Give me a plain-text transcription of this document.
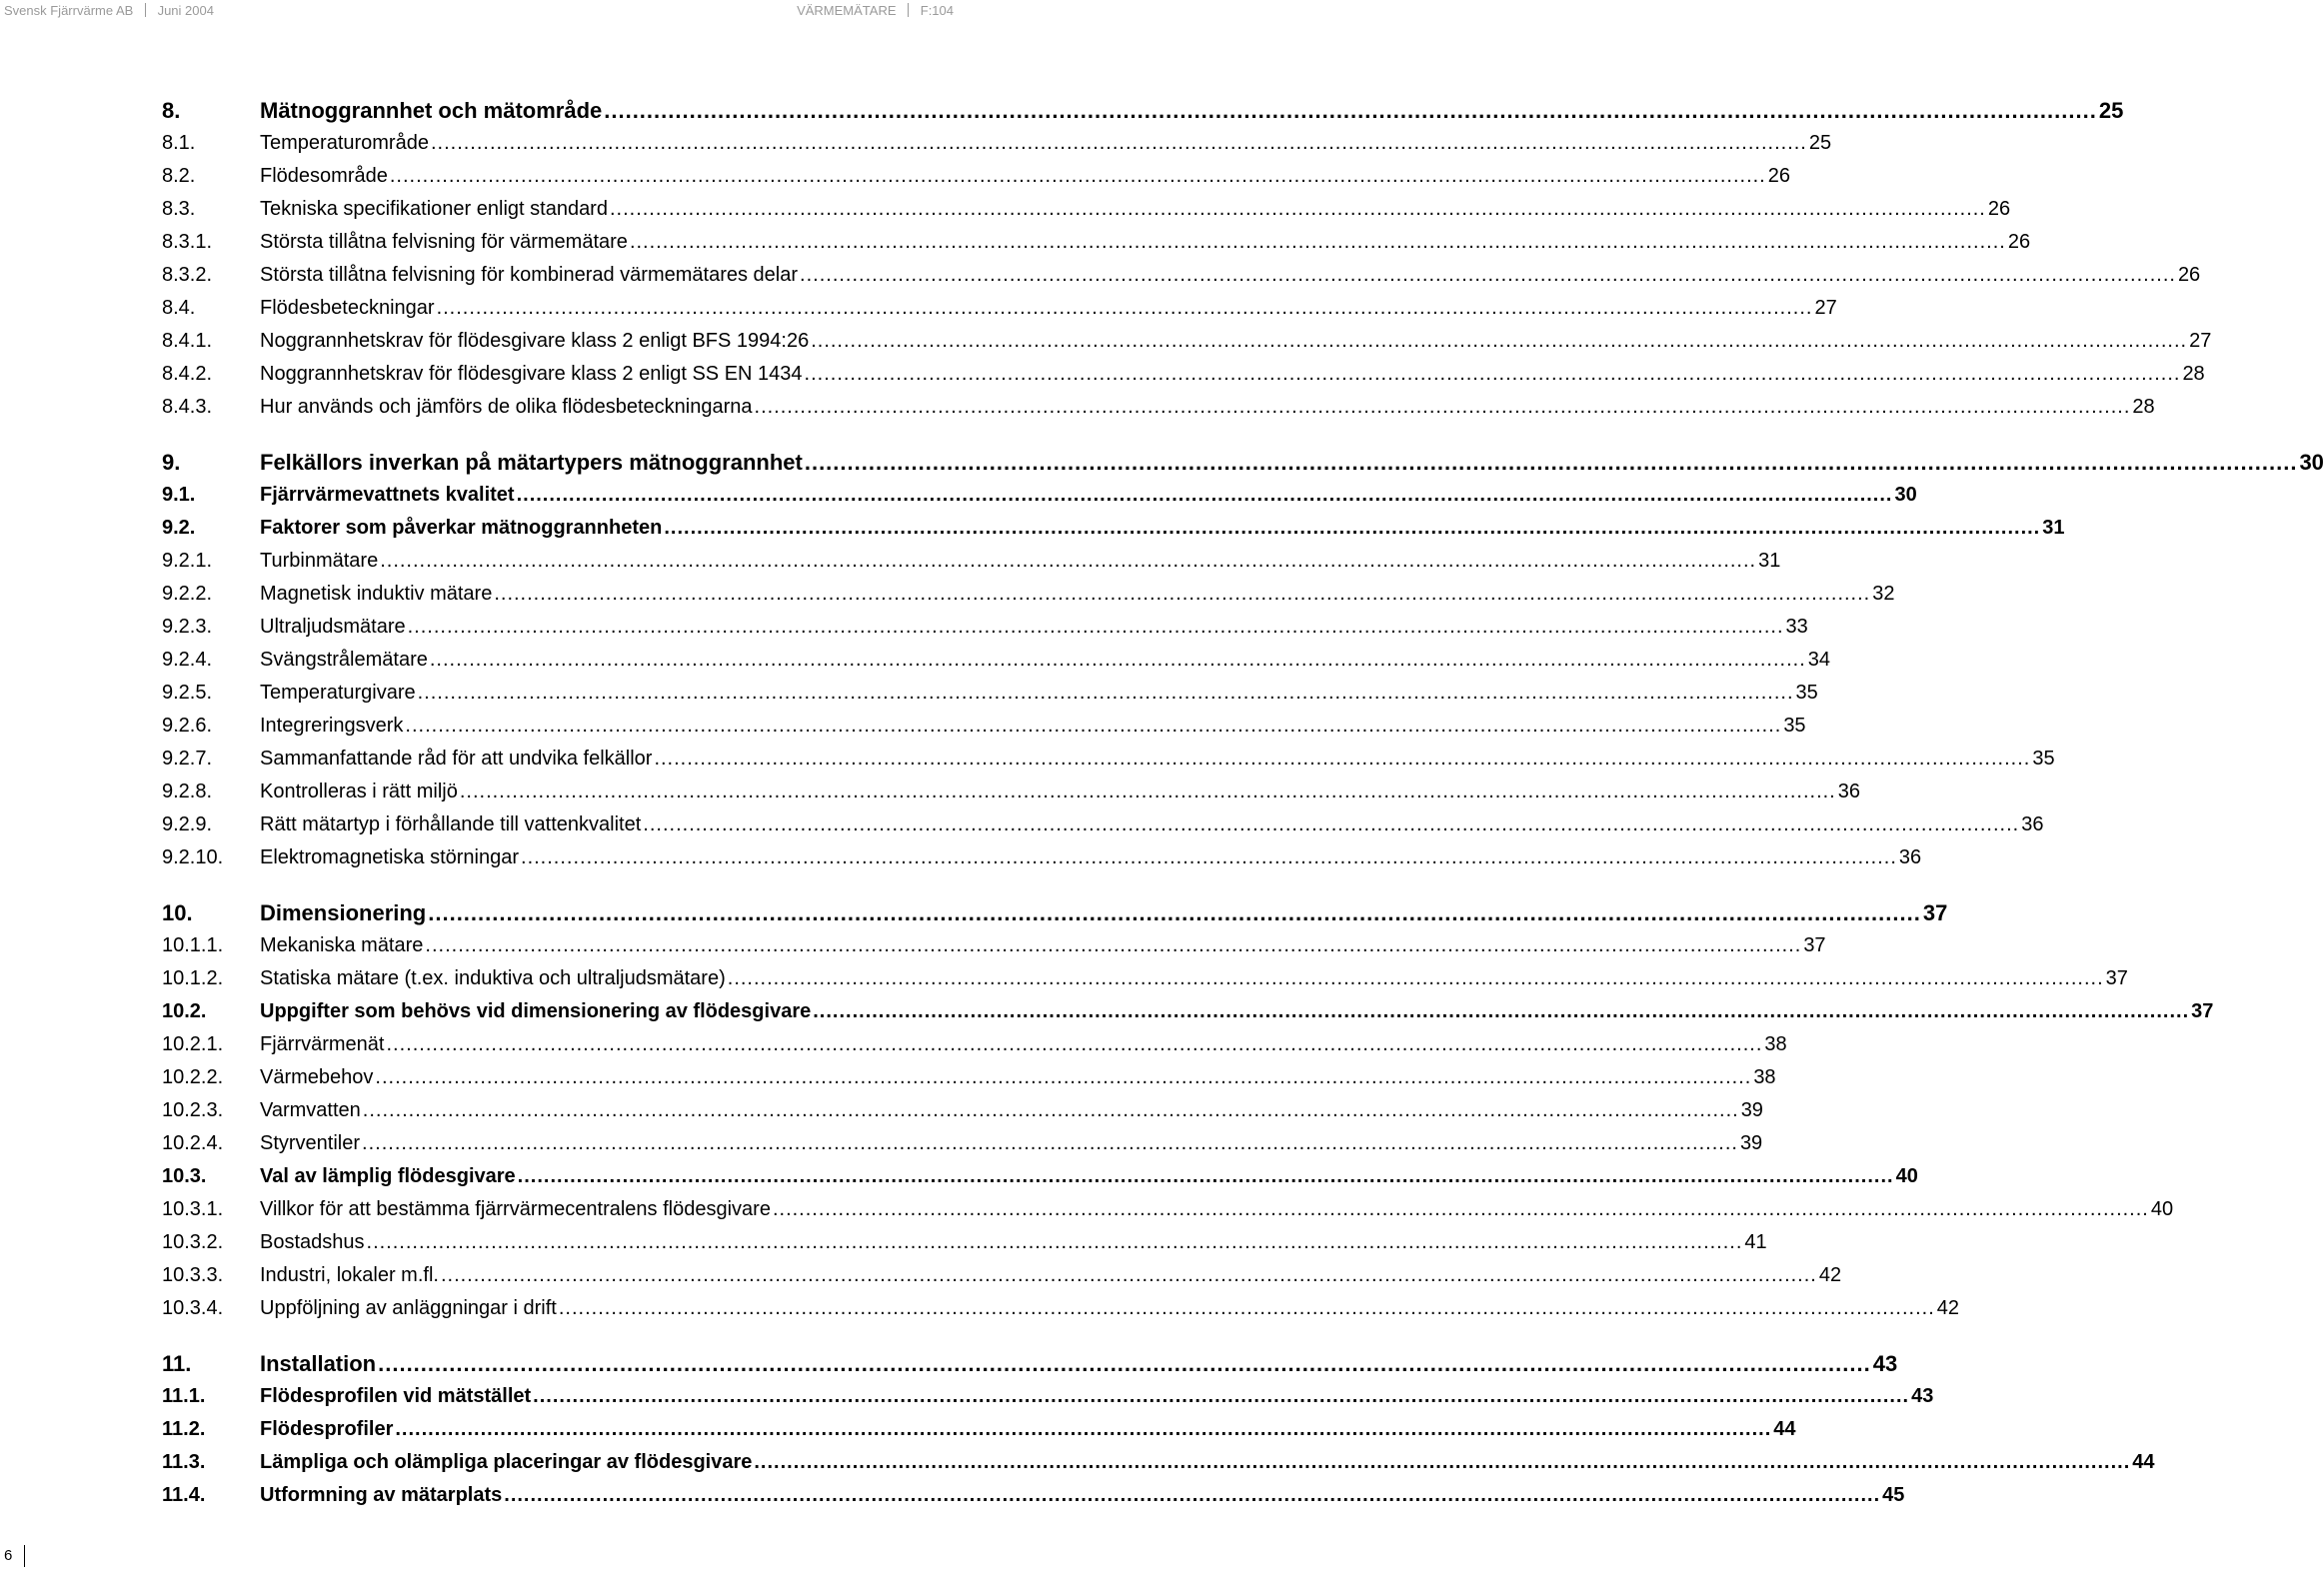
Svensk Fjärrvärme AB Juni 2004	VÄRMEMÄTARE F:104
8.	Mätnoggrannhet och mätområde .....	25
8.1.	Temperaturområde .....	25
8.2.	Flödesområde .....	26
8.3.	Tekniska specifikationer enligt standard .....	26
8.3.1.	Största tillåtna felvisning för värmemätare .....	26
8.3.2.	Största tillåtna felvisning för kombinerad värmemätares delar .....	26
8.4.	Flödesbeteckningar .....	27
8.4.1.	Noggrannhetskrav för flödesgivare klass 2 enligt BFS 1994:26 .....	27
8.4.2.	Noggrannhetskrav för flödesgivare klass 2 enligt SS EN 1434 .....	28
8.4.3.	Hur används och jämförs de olika flödesbeteckningarna .....	28
9.	Felkällors inverkan på mätartypers mätnoggrannhet .....	30
9.1.	Fjärrvärmevattnets kvalitet .....	30
9.2.	Faktorer som påverkar mätnoggrannheten .....	31
9.2.1.	Turbinmätare .....	31
9.2.2.	Magnetisk induktiv mätare .....	32
9.2.3.	Ultraljudsmätare .....	33
9.2.4.	Svängstrålemätare .....	34
9.2.5.	Temperaturgivare .....	35
9.2.6.	Integreringsverk .....	35
9.2.7.	Sammanfattande råd för att undvika felkällor .....	35
9.2.8.	Kontrolleras i rätt miljö .....	36
9.2.9.	Rätt mätartyp i förhållande till vattenkvalitet .....	36
9.2.10.	Elektromagnetiska störningar .....	36
10.	Dimensionering .....	37
10.1.1.	Mekaniska mätare .....	37
10.1.2.	Statiska mätare (t.ex. induktiva och ultraljudsmätare) .....	37
10.2.	Uppgifter som behövs vid dimensionering av flödesgivare .....	37
10.2.1.	Fjärrvärmenät .....	38
10.2.2.	Värmebehov .....	38
10.2.3.	Varmvatten .....	39
10.2.4.	Styrventiler .....	39
10.3.	Val av lämplig flödesgivare .....	40
10.3.1.	Villkor för att bestämma fjärrvärmecentralens flödesgivare .....	40
10.3.2.	Bostadshus .....	41
10.3.3.	Industri, lokaler m.fl. .....	42
10.3.4.	Uppföljning av anläggningar i drift .....	42
11.	Installation .....	43
11.1.	Flödesprofilen vid mätstället .....	43
11.2.	Flödesprofiler .....	44
11.3.	Lämpliga och olämpliga placeringar av flödesgivare .....	44
11.4.	Utformning av mätarplats .....	45
6
